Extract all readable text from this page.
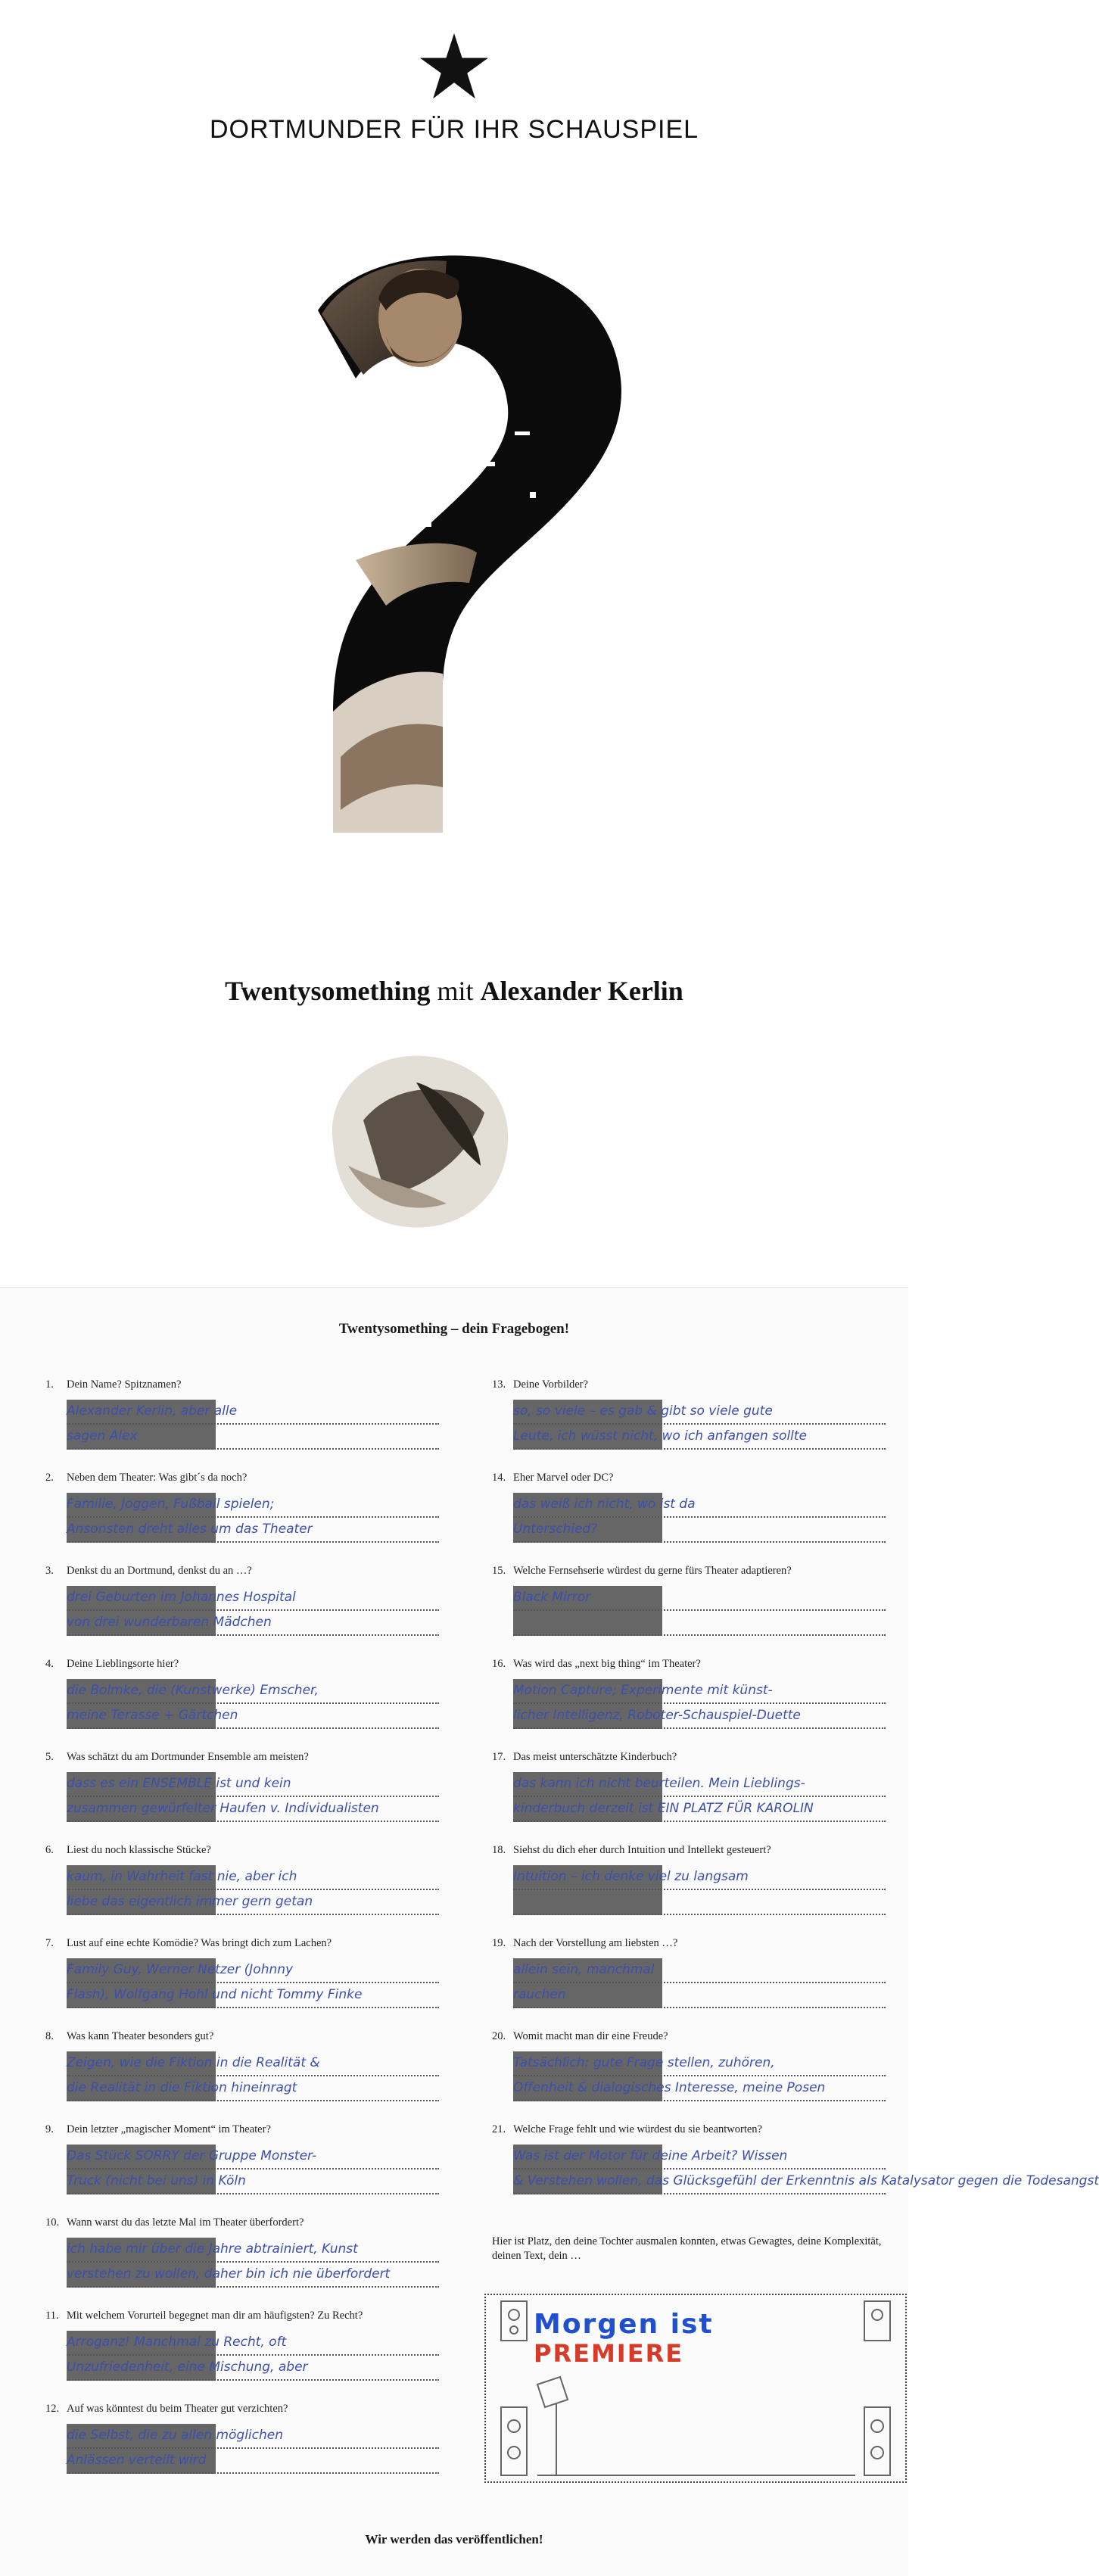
DORTMUNDER FÜR IHR SCHAUSPIEL
Twentysomething mit Alexander Kerlin
Twentysomething – dein Fragebogen!
1. Dein Name? Spitznamen?
Alexander Kerlin, aber alle
sagen Alex
2. Neben dem Theater: Was gibt´s da noch?
Familie, Joggen, Fußball spielen;
Ansonsten dreht alles um das Theater
3. Denkst du an Dortmund, denkst du an …?
drei Geburten im Johannes Hospital
von drei wunderbaren Mädchen
4. Deine Lieblingsorte hier?
die Bolmke, die (Kunstwerke) Emscher,
meine Terasse + Gärtchen
5. Was schätzt du am Dortmunder Ensemble am meisten?
dass es ein ENSEMBLE ist und kein
zusammen gewürfelter Haufen v. Individualisten
6. Liest du noch klassische Stücke?
kaum, in Wahrheit fast nie, aber ich
liebe das eigentlich immer gern getan
7. Lust auf eine echte Komödie? Was bringt dich zum Lachen?
Family Guy, Werner Netzer (Johnny
Flash), Wolfgang Hohl und nicht Tommy Finke
8. Was kann Theater besonders gut?
Zeigen, wie die Fiktion in die Realität &
die Realität in die Fiktion hineinragt
9. Dein letzter „magischer Moment“ im Theater?
Das Stück SORRY der Gruppe Monster-
Truck (nicht bei uns) in Köln
10. Wann warst du das letzte Mal im Theater überfordert?
ich habe mir über die Jahre abtrainiert, Kunst
verstehen zu wollen, daher bin ich nie überfordert
11. Mit welchem Vorurteil begegnet man dir am häufigsten? Zu Recht?
Arroganz! Manchmal zu Recht, oft
Unzufriedenheit, eine Mischung, aber
12. Auf was könntest du beim Theater gut verzichten?
die Selbst, die zu allen möglichen
Anlässen verteilt wird
13. Deine Vorbilder?
so, so viele – es gab & gibt so viele gute
Leute, ich wüsst nicht, wo ich anfangen sollte
14. Eher Marvel oder DC?
das weiß ich nicht, wo ist da
Unterschied?
15. Welche Fernsehserie würdest du gerne fürs Theater adaptieren?
Black Mirror
16. Was wird das „next big thing“ im Theater?
Motion Capture; Experimente mit künst-
licher Intelligenz, Roboter-Schauspiel-Duette
17. Das meist unterschätzte Kinderbuch?
das kann ich nicht beurteilen. Mein Lieblings-
kinderbuch derzeit ist EIN PLATZ FÜR KAROLIN
18. Siehst du dich eher durch Intuition und Intellekt gesteuert?
Intuition – ich denke viel zu langsam
19. Nach der Vorstellung am liebsten …?
allein sein, manchmal
rauchen
20. Womit macht man dir eine Freude?
Tatsächlich: gute Frage stellen, zuhören,
Offenheit & dialogisches Interesse, meine Posen
21. Welche Frage fehlt und wie würdest du sie beantworten?
Was ist der Motor für deine Arbeit? Wissen
& Verstehen wollen, das Glücksgefühl der Erkenntnis als Katalysator gegen die Todesangst
Hier ist Platz, den deine Tochter ausmalen konnten, etwas Gewagtes, deine Komplexität, deinen Text, dein …
Morgen ist
PREMIERE
Wir werden das veröffentlichen!
